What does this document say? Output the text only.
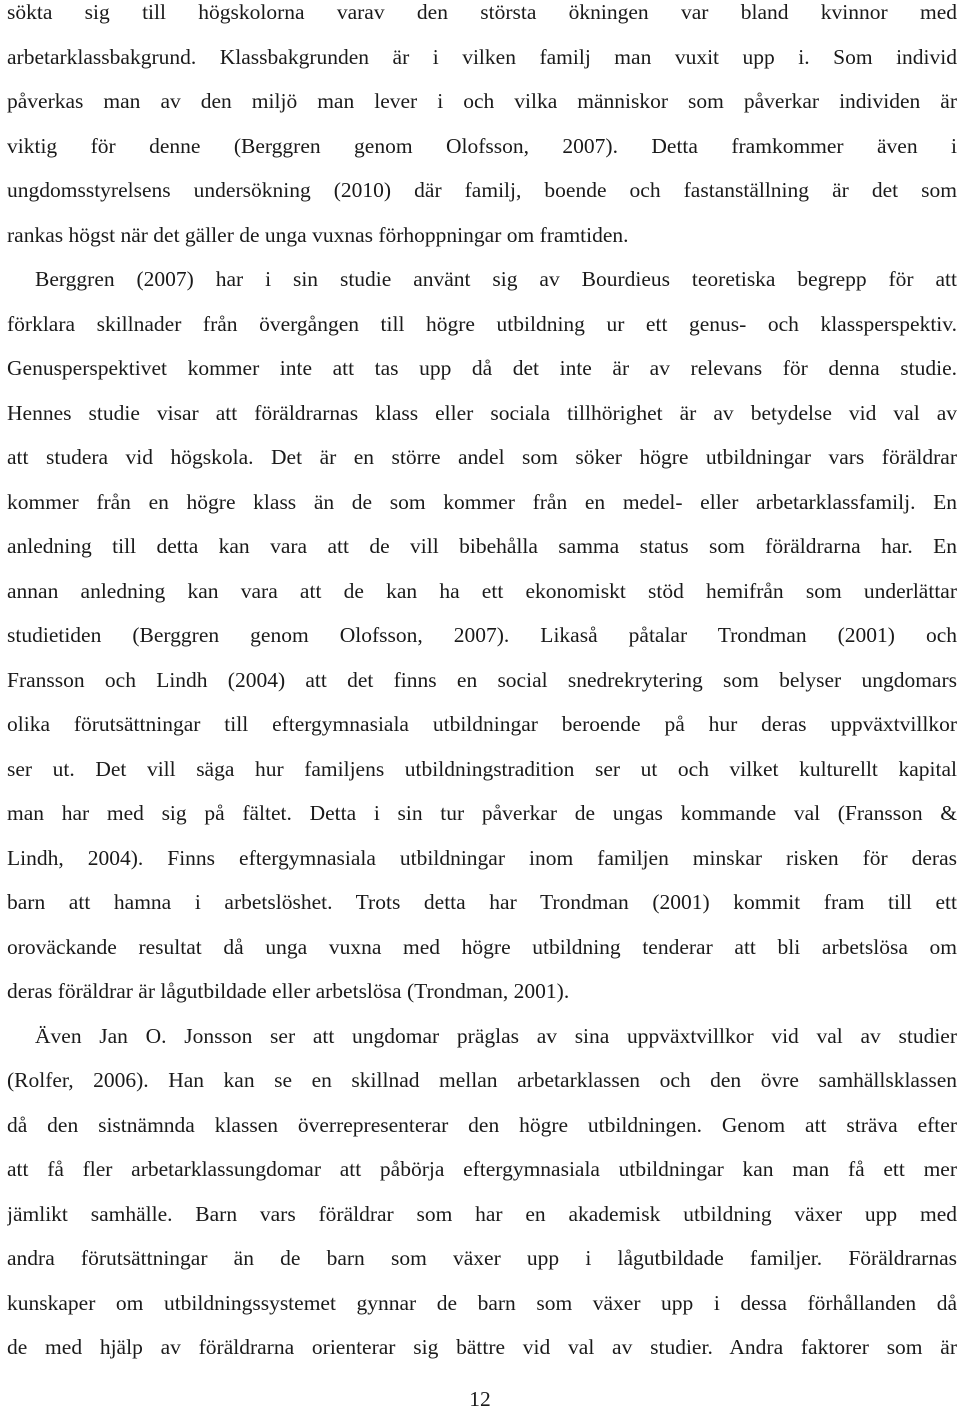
sökta sig till högskolorna varav den största ökningen var bland kvinnor med
arbetarklassbakgrund. Klassbakgrunden är i vilken familj man vuxit upp i. Som individ
påverkas man av den miljö man lever i och vilka människor som påverkar individen är
viktig för denne (Berggren genom Olofsson, 2007). Detta framkommer även i
ungdomsstyrelsens undersökning (2010) där familj, boende och fastanställning är det som
rankas högst när det gäller de unga vuxnas förhoppningar om framtiden.
Berggren (2007) har i sin studie använt sig av Bourdieus teoretiska begrepp för att
förklara skillnader från övergången till högre utbildning ur ett genus- och klassperspektiv.
Genusperspektivet kommer inte att tas upp då det inte är av relevans för denna studie.
Hennes studie visar att föräldrarnas klass eller sociala tillhörighet är av betydelse vid val av
att studera vid högskola. Det är en större andel som söker högre utbildningar vars föräldrar
kommer från en högre klass än de som kommer från en medel- eller arbetarklassfamilj. En
anledning till detta kan vara att de vill bibehålla samma status som föräldrarna har. En
annan anledning kan vara att de kan ha ett ekonomiskt stöd hemifrån som underlättar
studietiden (Berggren genom Olofsson, 2007). Likaså påtalar Trondman (2001) och
Fransson och Lindh (2004) att det finns en social snedrekrytering som belyser ungdomars
olika förutsättningar till eftergymnasiala utbildningar beroende på hur deras uppväxtvillkor
ser ut. Det vill säga hur familjens utbildningstradition ser ut och vilket kulturellt kapital
man har med sig på fältet. Detta i sin tur påverkar de ungas kommande val (Fransson &
Lindh, 2004). Finns eftergymnasiala utbildningar inom familjen minskar risken för deras
barn att hamna i arbetslöshet. Trots detta har Trondman (2001) kommit fram till ett
oroväckande resultat då unga vuxna med högre utbildning tenderar att bli arbetslösa om
deras föräldrar är lågutbildade eller arbetslösa (Trondman, 2001).
Även Jan O. Jonsson ser att ungdomar präglas av sina uppväxtvillkor vid val av studier
(Rolfer, 2006). Han kan se en skillnad mellan arbetarklassen och den övre samhällsklassen
då den sistnämnda klassen överrepresenterar den högre utbildningen. Genom att sträva efter
att få fler arbetarklassungdomar att påbörja eftergymnasiala utbildningar kan man få ett mer
jämlikt samhälle. Barn vars föräldrar som har en akademisk utbildning växer upp med
andra förutsättningar än de barn som växer upp i lågutbildade familjer. Föräldrarnas
kunskaper om utbildningssystemet gynnar de barn som växer upp i dessa förhållanden då
de med hjälp av föräldrarna orienterar sig bättre vid val av studier. Andra faktorer som är
12
